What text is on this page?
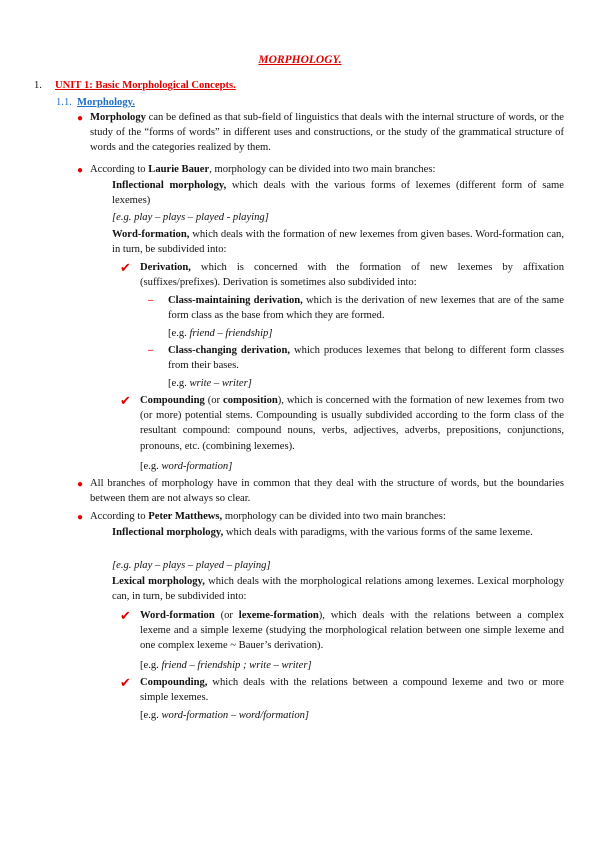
MORPHOLOGY.
1. UNIT 1: Basic Morphological Concepts.
1.1. Morphology.
● Morphology can be defined as that sub-field of linguistics that deals with the internal structure of words, or the study of the “forms of words” in different uses and constructions, or the study of the grammatical structure of words and the categories realized by them.
● According to Laurie Bauer, morphology can be divided into two main branches:
Inflectional morphology, which deals with the various forms of lexemes (different form of same lexemes)
[e.g. play – plays – played - playing]
Word-formation, which deals with the formation of new lexemes from given bases. Word-formation can, in turn, be subdivided into:
✔ Derivation, which is concerned with the formation of new lexemes by affixation (suffixes/prefixes). Derivation is sometimes also subdivided into:
– Class-maintaining derivation, which is the derivation of new lexemes that are of the same form class as the base from which they are formed.
[e.g. friend – friendship]
– Class-changing derivation, which produces lexemes that belong to different form classes from their bases.
[e.g. write – writer]
✔ Compounding (or composition), which is concerned with the formation of new lexemes from two (or more) potential stems. Compounding is usually subdivided according to the form class of the resultant compound: compound nouns, verbs, adjectives, adverbs, prepositions, conjunctions, pronouns, etc. (combining lexemes).
[e.g. word-formation]
● All branches of morphology have in common that they deal with the structure of words, but the boundaries between them are not always so clear.
● According to Peter Matthews, morphology can be divided into two main branches:
Inflectional morphology, which deals with paradigms, with the various forms of the same lexeme.
[e.g. play – plays – played – playing]
Lexical morphology, which deals with the morphological relations among lexemes. Lexical morphology can, in turn, be subdivided into:
✔ Word-formation (or lexeme-formation), which deals with the relations between a complex lexeme and a simple lexeme (studying the morphological relation between one simple lexeme and one complex lexeme ~ Bauer’s derivation).
[e.g. friend – friendship ; write – writer]
✔ Compounding, which deals with the relations between a compound lexeme and two or more simple lexemes.
[e.g. word-formation – word/formation]
